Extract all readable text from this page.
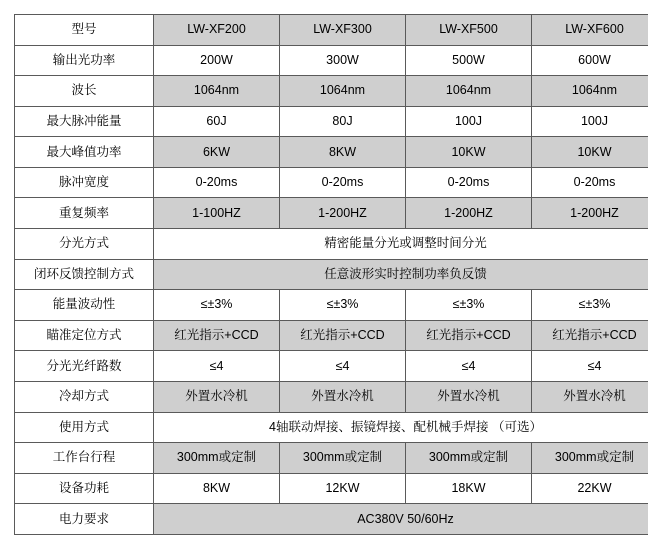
型号	LW-XF200	LW-XF300	LW-XF500	LW-XF600
输出光功率	200W	300W	500W	600W
波长	1064nm	1064nm	1064nm	1064nm
最大脉冲能量	60J	80J	100J	100J
最大峰值功率	6KW	8KW	10KW	10KW
脉冲宽度	0-20ms	0-20ms	0-20ms	0-20ms
重复频率	1-100HZ	1-200HZ	1-200HZ	1-200HZ
分光方式	精密能量分光或调整时间分光			
闭环反馈控制方式	任意波形实时控制功率负反馈			
能量波动性	≤±3%	≤±3%	≤±3%	≤±3%
瞄准定位方式	红光指示+CCD	红光指示+CCD	红光指示+CCD	红光指示+CCD
分光光纤路数	≤4	≤4	≤4	≤4
冷却方式	外置水冷机	外置水冷机	外置水冷机	外置水冷机
使用方式	4轴联动焊接、振镜焊接、配机械手焊接 （可选）			
工作台行程	300mm或定制	300mm或定制	300mm或定制	300mm或定制
设备功耗	8KW	12KW	18KW	22KW
电力要求	AC380V 50/60Hz			
